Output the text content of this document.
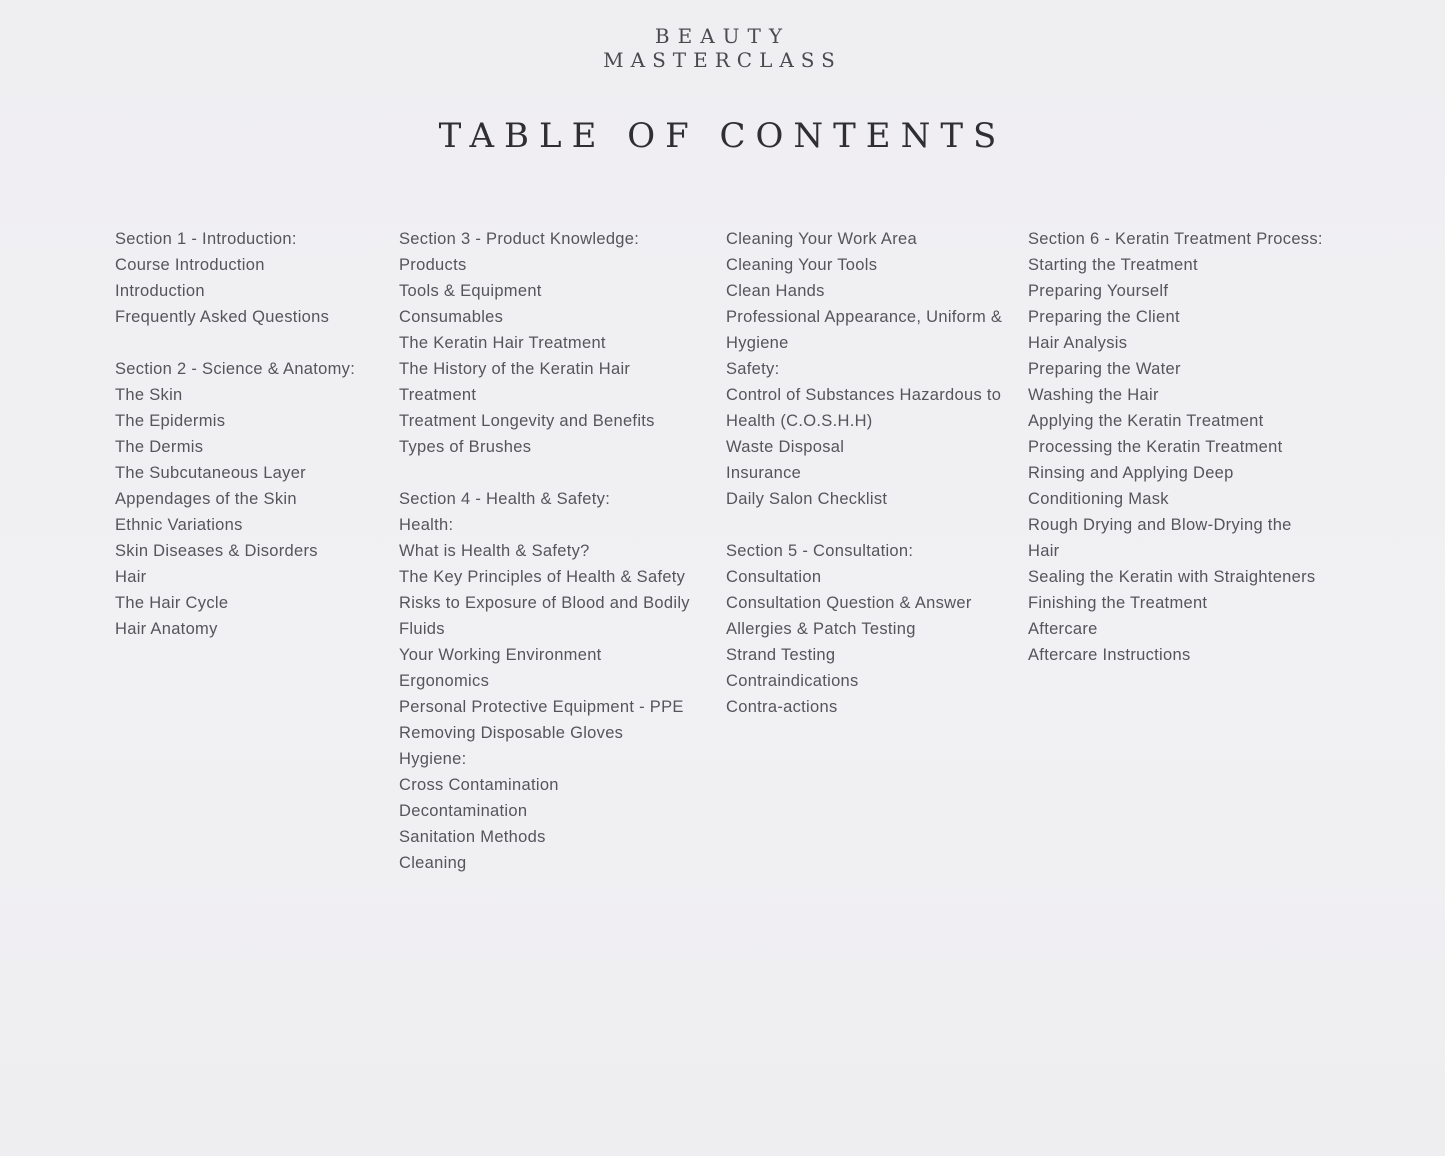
BEAUTY
MASTERCLASS
TABLE OF CONTENTS
Section 1 - Introduction:
Course Introduction
Introduction
Frequently Asked Questions
Section 2 - Science & Anatomy:
The Skin
The Epidermis
The Dermis
The Subcutaneous Layer
Appendages of the Skin
Ethnic Variations
Skin Diseases & Disorders
Hair
The Hair Cycle
Hair Anatomy
Section 3 - Product Knowledge:
Products
Tools & Equipment
Consumables
The Keratin Hair Treatment
The History of the Keratin Hair
Treatment
Treatment Longevity and Benefits
Types of Brushes
Section 4 - Health & Safety:
Health:
What is Health & Safety?
The Key Principles of Health & Safety
Risks to Exposure of Blood and Bodily
Fluids
Your Working Environment
Ergonomics
Personal Protective Equipment - PPE
Removing Disposable Gloves
Hygiene:
Cross Contamination
Decontamination
Sanitation Methods
Cleaning
Cleaning Your Work Area
Cleaning Your Tools
Clean Hands
Professional Appearance, Uniform &
Hygiene
Safety:
Control of Substances Hazardous to
Health (C.O.S.H.H)
Waste Disposal
Insurance
Daily Salon Checklist
Section 5 - Consultation:
Consultation
Consultation Question & Answer
Allergies & Patch Testing
Strand Testing
Contraindications
Contra-actions
Section 6 - Keratin Treatment Process:
Starting the Treatment
Preparing Yourself
Preparing the Client
Hair Analysis
Preparing the Water
Washing the Hair
Applying the Keratin Treatment
Processing the Keratin Treatment
Rinsing and Applying Deep
Conditioning Mask
Rough Drying and Blow-Drying the
Hair
Sealing the Keratin with Straighteners
Finishing the Treatment
Aftercare
Aftercare Instructions
